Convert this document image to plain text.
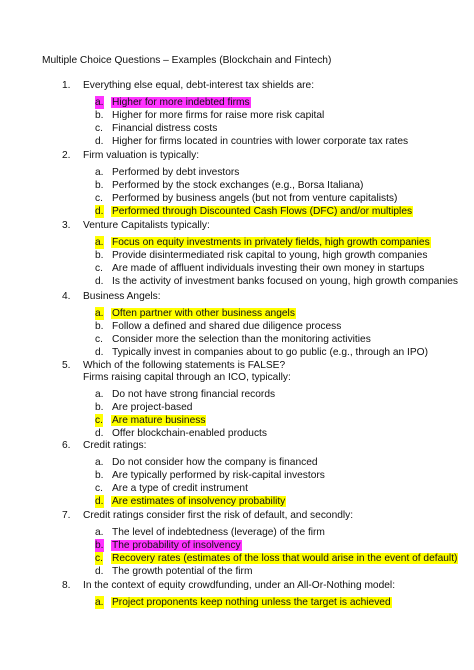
Multiple Choice Questions – Examples (Blockchain and Fintech)
1. Everything else equal, debt-interest tax shields are:
a. Higher for more indebted firms
b. Higher for more firms for raise more risk capital
c. Financial distress costs
d. Higher for firms located in countries with lower corporate tax rates
2. Firm valuation is typically:
a. Performed by debt investors
b. Performed by the stock exchanges (e.g., Borsa Italiana)
c. Performed by business angels (but not from venture capitalists)
d. Performed through Discounted Cash Flows (DFC) and/or multiples
3. Venture Capitalists typically:
a. Focus on equity investments in privately fields, high growth companies
b. Provide disintermediated risk capital to young, high growth companies
c. Are made of affluent individuals investing their own money in startups
d. Is the activity of investment banks focused on young, high growth companies
4. Business Angels:
a. Often partner with other business angels
b. Follow a defined and shared due diligence process
c. Consider more the selection than the monitoring activities
d. Typically invest in companies about to go public (e.g., through an IPO)
5. Which of the following statements is FALSE?
Firms raising capital through an ICO, typically:
a. Do not have strong financial records
b. Are project-based
c. Are mature business
d. Offer blockchain-enabled products
6. Credit ratings:
a. Do not consider how the company is financed
b. Are typically performed by risk-capital investors
c. Are a type of credit instrument
d. Are estimates of insolvency probability
7. Credit ratings consider first the risk of default, and secondly:
a. The level of indebtedness (leverage) of the firm
b. The probability of insolvency
c. Recovery rates (estimates of the loss that would arise in the event of default)
d. The growth potential of the firm
8. In the context of equity crowdfunding, under an All-Or-Nothing model:
a. Project proponents keep nothing unless the target is achieved
